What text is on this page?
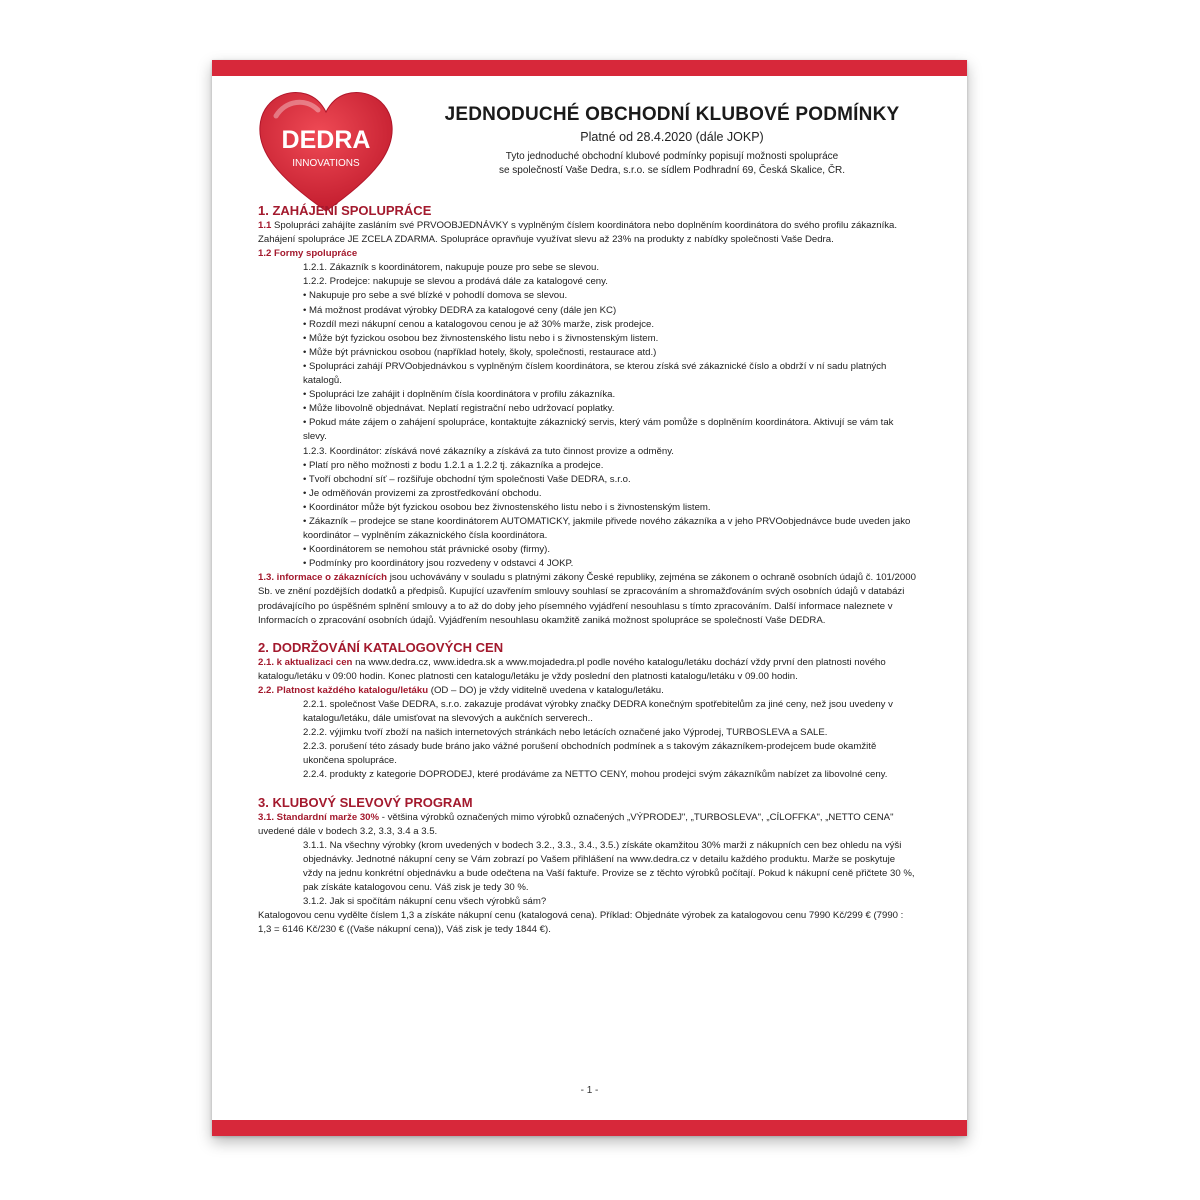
DEDRA
INNOVATIONS
JEDNODUCHÉ OBCHODNÍ KLUBOVÉ PODMÍNKY
Platné od 28.4.2020 (dále JOKP)
Tyto jednoduché obchodní klubové podmínky popisují možnosti spolupráce
se společností Vaše Dedra, s.r.o. se sídlem Podhradní 69, Česká Skalice, ČR.
1. ZAHÁJENÍ SPOLUPRÁCE

1.1 Spolupráci zahájíte zasláním své PRVOOBJEDNÁVKY s vyplněným číslem koordinátora nebo doplněním koordinátora do svého profilu zákazníka. Zahájení spolupráce JE ZCELA ZDARMA. Spolupráce opravňuje využívat slevu až 23% na produkty z nabídky společnosti Vaše Dedra.

1.2 Formy spolupráce

1.2.1. Zákazník s koordinátorem, nakupuje pouze pro sebe se slevou.

1.2.2. Prodejce: nakupuje se slevou a prodává dále za katalogové ceny.

• Nakupuje pro sebe a své blízké v pohodlí domova se slevou.

• Má možnost prodávat výrobky DEDRA za katalogové ceny (dále jen KC)

• Rozdíl mezi nákupní cenou a katalogovou cenou je až 30% marže, zisk prodejce.

• Může být fyzickou osobou bez živnostenského listu nebo i s živnostenským listem.

• Může být právnickou osobou (například hotely, školy, společnosti, restaurace atd.)

• Spolupráci zahájí PRVOobjednávkou s vyplněným číslem koordinátora, se kterou získá své zákaznické číslo a obdrží v ní sadu platných katalogů.

• Spolupráci lze zahájit i doplněním čísla koordinátora v profilu zákazníka.

• Může libovolně objednávat. Neplatí registrační nebo udržovací poplatky.

• Pokud máte zájem o zahájení spolupráce, kontaktujte zákaznický servis, který vám pomůže s doplněním koordinátora. Aktivují se vám tak slevy.

1.2.3. Koordinátor: získává nové zákazníky a získává za tuto činnost provize a odměny.

• Platí pro něho možnosti z bodu 1.2.1 a 1.2.2 tj. zákazníka a prodejce.

• Tvoří obchodní síť – rozšiřuje obchodní tým společnosti Vaše DEDRA, s.r.o.

• Je odměňován provizemi za zprostředkování obchodu.

• Koordinátor může být fyzickou osobou bez živnostenského listu nebo i s živnostenským listem.

• Zákazník – prodejce se stane koordinátorem AUTOMATICKY, jakmile přivede nového zákazníka a v jeho PRVOobjednávce bude uveden jako koordinátor – vyplněním zákaznického čísla koordinátora.

• Koordinátorem se nemohou stát právnické osoby (firmy).

• Podmínky pro koordinátory jsou rozvedeny v odstavci 4 JOKP.

1.3. informace o zákaznících jsou uchovávány v souladu s platnými zákony České republiky, zejména se zákonem o ochraně osobních údajů č. 101/2000 Sb. ve znění pozdějších dodatků a předpisů. Kupující uzavřením smlouvy souhlasí se zpracováním a shromažďováním svých osobních údajů v databázi prodávajícího po úspěšném splnění smlouvy a to až do doby jeho písemného vyjádření nesouhlasu s tímto zpracováním. Další informace naleznete v Informacích o zpracování osobních údajů. Vyjádřením nesouhlasu okamžitě zaniká možnost spolupráce se společností Vaše DEDRA.

2. DODRŽOVÁNÍ KATALOGOVÝCH CEN

2.1. k aktualizaci cen na www.dedra.cz, www.idedra.sk a www.mojadedra.pl podle nového katalogu/letáku dochází vždy první den platnosti nového katalogu/letáku v 09:00 hodin. Konec platnosti cen katalogu/letáku je vždy poslední den platnosti katalogu/letáku v 09.00 hodin.

2.2. Platnost každého katalogu/letáku (OD – DO) je vždy viditelně uvedena v katalogu/letáku.

2.2.1. společnost Vaše DEDRA, s.r.o. zakazuje prodávat výrobky značky DEDRA konečným spotřebitelům za jiné ceny, než jsou uvedeny v katalogu/letáku, dále umisťovat na slevových a aukčních serverech..

2.2.2. výjimku tvoří zboží na našich internetových stránkách nebo letácích označené jako Výprodej, TURBOSLEVA a SALE.

2.2.3. porušení této zásady bude bráno jako vážné porušení obchodních podmínek a s takovým zákazníkem-prodejcem bude okamžitě ukončena spolupráce.

2.2.4. produkty z kategorie DOPRODEJ, které prodáváme za NETTO CENY, mohou prodejci svým zákazníkům nabízet za libovolné ceny.

3. KLUBOVÝ SLEVOVÝ PROGRAM

3.1. Standardní marže 30% - většina výrobků označených mimo výrobků označených „VÝPRODEJ", „TURBOSLEVA", „CÍLOFFKA", „NETTO CENA" uvedené dále v bodech 3.2, 3.3, 3.4 a 3.5.

3.1.1. Na všechny výrobky (krom uvedených v bodech 3.2., 3.3., 3.4., 3.5.) získáte okamžitou 30% marži z nákupních cen bez ohledu na výši objednávky. Jednotné nákupní ceny se Vám zobrazí po Vašem přihlášení na www.dedra.cz v detailu každého produktu. Marže se poskytuje vždy na jednu konkrétní objednávku a bude odečtena na Vaší faktuře. Provize se z těchto výrobků počítají. Pokud k nákupní ceně přičtete 30 %, pak získáte katalogovou cenu. Váš zisk je tedy 30 %.

3.1.2. Jak si spočítám nákupní cenu všech výrobků sám?

Katalogovou cenu vydělte číslem 1,3 a získáte nákupní cenu (katalogová cena). Příklad: Objednáte výrobek za katalogovou cenu 7990 Kč/299 € (7990 : 1,3 = 6146 Kč/230 € ((Vaše nákupní cena)), Váš zisk je tedy 1844 €).

- 1 -
